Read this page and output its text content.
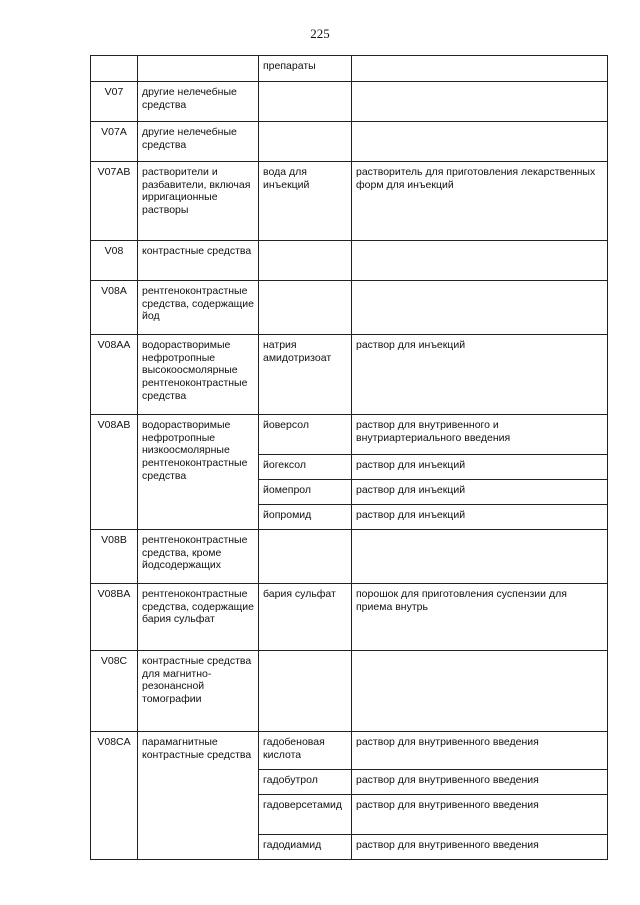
225
		препараты	
V07	другие нелечебные средства		
V07A	другие нелечебные средства		
V07AB	растворители и разбавители, включая ирригационные растворы	вода для инъекций	растворитель для приготовления лекарственных форм для инъекций
V08	контрастные средства		
V08A	рентгеноконтрастные средства, содержащие йод		
V08AA	водорастворимые нефротропные высокоосмолярные рентгеноконтрастные средства	натрия амидотризоат	раствор для инъекций
V08AB	водорастворимые нефротропные низкоосмолярные рентгеноконтрастные средства	йоверсол	раствор для внутривенного и внутриартериального введения
		йогексол	раствор для инъекций
		йомепрол	раствор для инъекций
		йопромид	раствор для инъекций
V08B	рентгеноконтрастные средства, кроме йодсодержащих		
V08BA	рентгеноконтрастные средства, содержащие бария сульфат	бария сульфат	порошок для приготовления суспензии для приема внутрь
V08C	контрастные средства для магнитно-резонансной томографии		
V08CA	парамагнитные контрастные средства	гадобеновая кислота	раствор для внутривенного введения
		гадобутрол	раствор для внутривенного введения
		гадоверсетамид	раствор для внутривенного введения
		гадодиамид	раствор для внутривенного введения
